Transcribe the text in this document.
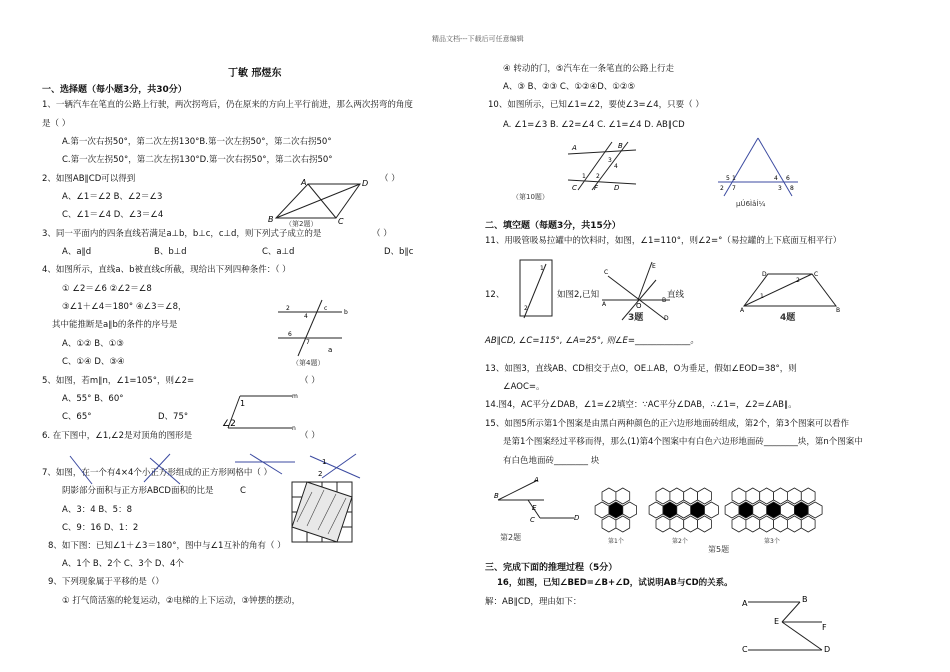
精品文档---下载后可任意编辑
丁敏 邢煜东
一、选择题（每小题3分，共30分）
1、一辆汽车在笔直的公路上行驶，两次拐弯后，仍在原来的方向上平行前进，那么两次拐弯的角度
是（ ）
A.第一次右拐50°，第二次左拐130°B.第一次左拐50°，第二次右拐50°
C.第一次左拐50°，第二次左拐130°D.第一次右拐50°，第二次右拐50°
2、如图AB∥CD可以得到	（ ）
A、∠1＝∠2 B、∠2＝∠3
C、∠1＝∠4 D、∠3＝∠4
3、同一平面内的四条直线若满足a⊥b，b⊥c，c⊥d，则下列式子成立的是	（ ）
A、a∥d	B、b⊥d	C、a⊥d	D、b∥c
4、如图所示，直线a、b被直线c所截，现给出下列四种条件：（ ）
① ∠2＝∠6 ②∠2＝∠8
③∠1＋∠4＝180° ④∠3＝∠8，
其中能推断是a∥b的条件的序号是
A、①② B、①③
C、①④ D、③④
5、如图，若m∥n，∠1=105°，则∠2=	（ ）
A、55° B、60°
C、65°	D、75°
6. 在下图中，∠1,∠2是对顶角的图形是	（ ）
7、如图，在一个有4×4个小正方形组成的正方形网格中（ ）
阴影部分面积与正方形ABCD面积的比是
A、3：4 B、5：8
C、9：16 D、1：2
8、如下图：已知∠1＋∠3＝180°，图中与∠1互补的角有（ ）
A、1个 B、2个 C、3个 D、4个
9、下列现象属于平移的是（）
① 打气筒活塞的轮复运动，②电梯的上下运动，③钟摆的摆动，
④ 转动的门，⑤汽车在一条笔直的公路上行走
A、③ B、②③ C、①②④D、①②⑤
10、如图所示，已知∠1=∠2，要使∠3=∠4，只要（ ）
A. ∠1=∠3 B. ∠2=∠4 C. ∠1=∠4 D. AB∥CD
二、填空题（每题3分，共15分）
11、用吸管吸易拉罐中的饮料时，如图，∠1=110°，则∠2=°（易拉罐的上下底面互相平行）
12、	如图2,已知	直线
AB∥CD, ∠C=115°, ∠A=25°, 则∠E=_____________。
13、如图3，直线AB、CD相交于点O，OE⊥AB，O为垂足，假如∠EOD=38°，则
∠AOC=。
14.图4，AC平分∠DAB，∠1=∠2填空：∵AC平分∠DAB，∴∠1=，∠2=∠AB∥。
15、如图5所示第1个图案是由黑白两种颜色的正六边形地面砖组成，第2个，第3个图案可以看作
是第1个图案经过平移而得，那么(1)第4个图案中有白色六边形地面砖________块，第n个图案中
有白色地面砖________ 块
三、完成下面的推理过程（5分）
16，如图，已知∠BED=∠B+∠D，试说明AB与CD的关系。
解：AB∥CD，理由如下：
A	D
B	C
（第2题）
c
2
4
6
7
b
a
（第4题）
1
∠2
m
n
1
2
C
A	B
3
4
1 2
C F D
（第10题）
5 1	4 6
2 7	3 8
µÚ6ÌâÍ¼
1
2
E
C
B
A	O
D
3题
D	C
A	B
1
2
4题
B
A
E
C	D
第2题	第1个	第2个	第3个
第5题
A	B
E
F
C	D
